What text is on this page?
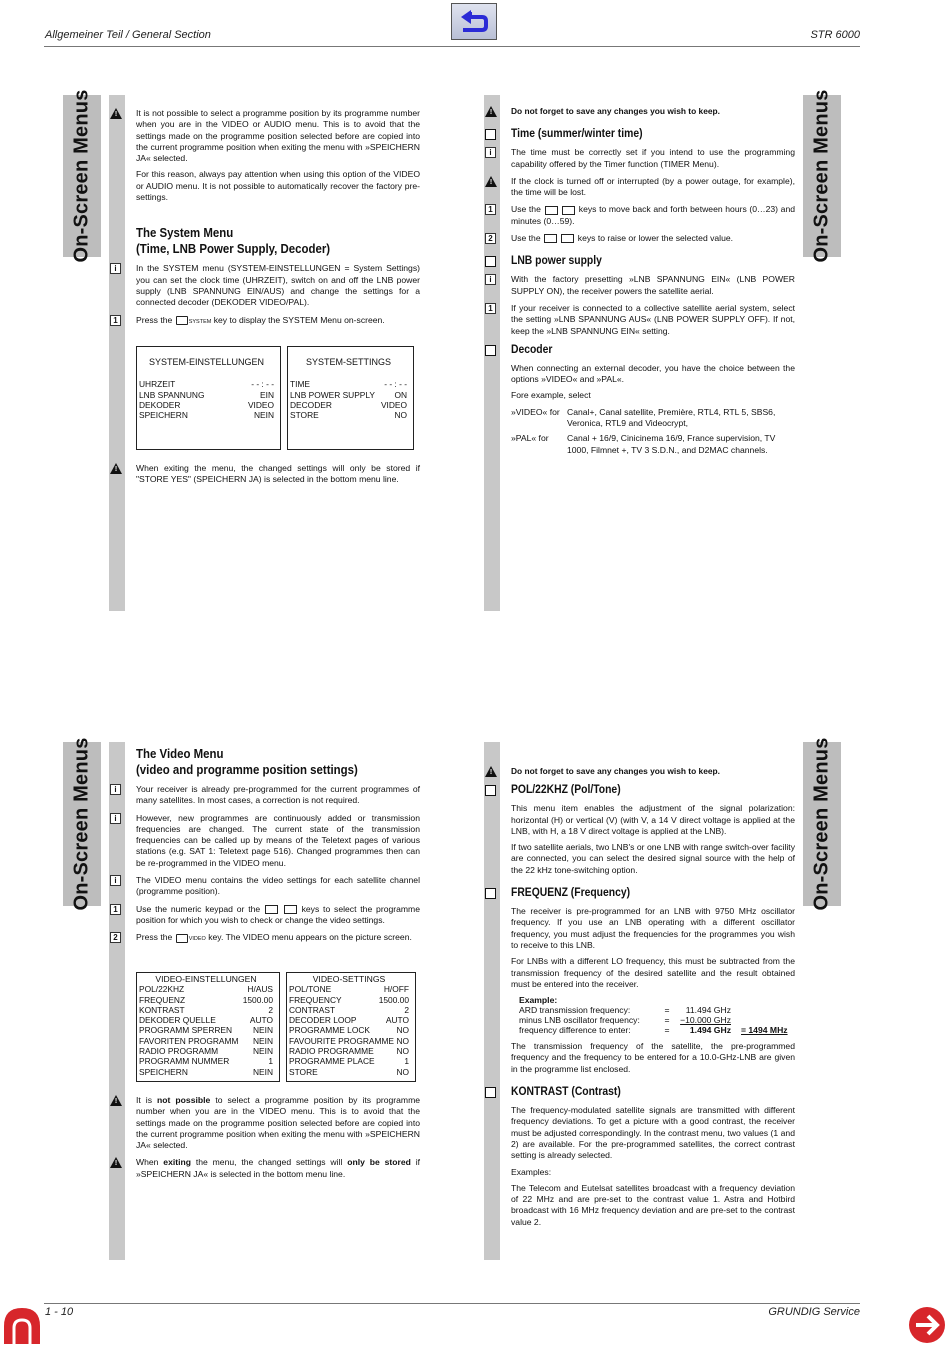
Allgemeiner Teil / General Section	STR 6000
On-Screen Menus	On-Screen Menus
On-Screen Menus	On-Screen Menus
!

It is not possible to select a programme position by its programme number when you are in the VIDEO or AUDIO menu. This is to avoid that the settings made on the programme position selected before are copied into the current programme position when exiting the menu with »SPEICHERN JA« selected.

For this reason, always pay attention when using this option of the VIDEO or AUDIO menu. It is not possible to automatically recover the factory pre-settings.

The System Menu
(Time, LNB Power Supply, Decoder)
i	In the SYSTEM menu (SYSTEM-EINSTELLUNGEN = System Settings) you can set the clock time (UHRZEIT), switch on and off the LNB power supply (LNB SPANNUNG EIN/AUS) and change the settings for a connected decoder (DEKODER VIDEO/PAL).

1	Press the	SYSTEM key to display the SYSTEM Menu on-screen.

SYSTEM-EINSTELLUNGEN
UHRZEIT	- - : - -
LNB SPANNUNG	EIN
DEKODER	VIDEO
SPEICHERN	NEIN
SYSTEM-SETTINGS
TIME	- - : - -
LNB POWER SUPPLY ON
DECODER	VIDEO
STORE	NO
!

When exiting the menu, the changed settings will only be stored if "STORE YES" (SPEICHERN JA) is selected in the bottom menu line.

!

Do not forget to save any changes you wish to keep.

Time (summer/winter time)
i	The time must be correctly set if you intend to use the programming capability offered by the Timer function (TIMER Menu).

!

If the clock is turned off or interrupted (by a power outage, for example), the time will be lost.

1	Use the	keys to move back and forth between hours (0…23) and minutes (0…59).

2	Use the	keys to raise or lower the selected value.

LNB power supply
i	With the factory presetting »LNB SPANNUNG EIN« (LNB POWER SUPPLY ON), the receiver powers the satellite aerial.

1	If your receiver is connected to a collective satellite aerial system, select the setting »LNB SPANNUNG AUS« (LNB POWER SUPPLY OFF). If not, keep the »LNB SPANNUNG EIN« setting.

Decoder

When connecting an external decoder, you have the choice between the options »VIDEO« and »PAL«.

Fore example, select

»VIDEO« for Canal+, Canal satellite, Première, RTL4, RTL 5, SBS6, Veronica, RTL9 and Videocrypt,
»PAL« for	Canal + 16/9, Cinicinema 16/9, France supervision, TV 1000, Filmnet +, TV 3 S.D.N., and D2MAC channels.
The Video Menu
(video and programme position settings)
i	Your receiver is already pre-programmed for the current programmes of many satellites. In most cases, a correction is not required.

i	However, new programmes are continuously added or transmission frequencies are changed. The current state of the transmission frequencies can be called up by means of the Teletext pages of various stations (e.g. SAT 1: Teletext page 516). Changed programmes then can be re-programmed in the VIDEO menu.

i	The VIDEO menu contains the video settings for each satellite channel (programme position).

1	Use the numeric keypad or the	keys to select the programme position for which you wish to check or change the video settings.

2	Press the	VIDEO key. The VIDEO menu appears on the picture screen.

VIDEO-EINSTELLUNGEN
POL/22KHZ	H/AUS
FREQUENZ	1500.00
KONTRAST	2
DEKODER QUELLE	AUTO
PROGRAMM SPERREN NEIN
FAVORITEN PROGRAMM NEIN
RADIO PROGRAMM	NEIN
PROGRAMM NUMMER	1
SPEICHERN	NEIN
VIDEO-SETTINGS
POL/TONE	H/OFF
FREQUENCY	1500.00
CONTRAST	2
DECODER LOOP	AUTO
PROGRAMME LOCK	NO
FAVOURITE PROGRAMME NO
RADIO PROGRAMME	NO
PROGRAMME PLACE	1
STORE	NO
!

It is not possible to select a programme position by its programme number when you are in the VIDEO menu. This is to avoid that the settings made on the programme position selected before are copied into the current programme position when exiting the menu with »SPEICHERN JA« selected.

!

When exiting the menu, the changed settings will only be stored if »SPEICHERN JA« is selected in the bottom menu line.

!

Do not forget to save any changes you wish to keep.

POL/22KHZ (Pol/Tone)

This menu item enables the adjustment of the signal polarization: horizontal (H) or vertical (V) (with V, a 14 V direct voltage is applied at the LNB, with H, a 18 V direct voltage is applied at the LNB).

If two satellite aerials, two LNB's or one LNB with range switch-over facility are connected, you can select the desired signal source with the help of the 22 kHz tone-switching option.

FREQUENZ (Frequency)

The receiver is pre-programmed for an LNB with 9750 MHz oscillator frequency. If you use an LNB operating with a different oscillator frequency, you must adjust the frequencies for the programmes you wish to receive to this LNB.

For LNBs with a different LO frequency, this must be subtracted from the transmission frequency of the desired satellite and the result obtained must be entered into the receiver.

Example:
ARD transmission frequency:	=	11.494 GHz
minus LNB oscillator frequency:	=	−10.000 GHz
frequency difference to enter:	=	1.494 GHz = 1494 MHz

The transmission frequency of the satellite, the pre-programmed frequency and the frequency to be entered for a 10.0-GHz-LNB are given in the programme list enclosed.

KONTRAST (Contrast)

The frequency-modulated satellite signals are transmitted with different frequency deviations. To get a picture with a good contrast, the receiver must be adjusted correspondingly. In the contrast menu, two values (1 and 2) are available. For the pre-programmed satellites, the correct contrast setting is already selected.

Examples:

The Telecom and Eutelsat satellites broadcast with a frequency deviation of 22 MHz and are pre-set to the contrast value 1. Astra and Hotbird broadcast with 16 MHz frequency deviation and are pre-set to the contrast value 2.

1 - 10	GRUNDIG Service
